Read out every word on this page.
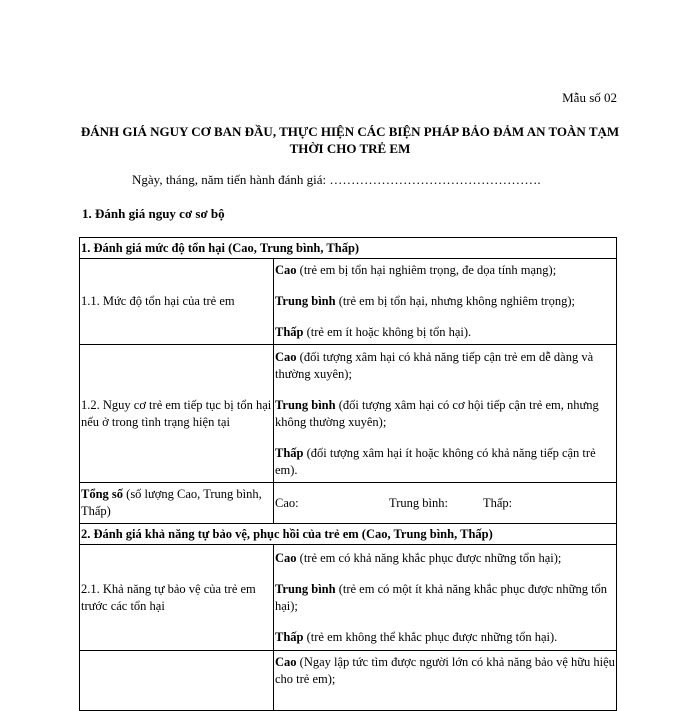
Mẫu số 02
ĐÁNH GIÁ NGUY CƠ BAN ĐẦU, THỰC HIỆN CÁC BIỆN PHÁP BẢO ĐẢM AN TOÀN TẠM THỜI CHO TRẺ EM
Ngày, tháng, năm tiến hành đánh giá: ………………………………………….
1. Đánh giá nguy cơ sơ bộ
1. Đánh giá mức độ tổn hại (Cao, Trung bình, Thấp)	
1.1. Mức độ tổn hại của trẻ em	Cao (trẻ em bị tổn hại nghiêm trọng, đe dọa tính mạng);
Trung bình (trẻ em bị tổn hại, nhưng không nghiêm trọng);
Thấp (trẻ em ít hoặc không bị tổn hại).

1.2. Nguy cơ trẻ em tiếp tục bị tổn hại nếu ở trong tình trạng hiện tại	Cao (đối tượng xâm hại có khả năng tiếp cận trẻ em dễ dàng và thường xuyên);
Trung bình (đối tượng xâm hại có cơ hội tiếp cận trẻ em, nhưng không thường xuyên);
Thấp (đối tượng xâm hại ít hoặc không có khả năng tiếp cận trẻ em).

Tổng số (số lượng Cao, Trung bình, Thấp)	Cao: Trung bình: Thấp:

2. Đánh giá khả năng tự bảo vệ, phục hồi của trẻ em (Cao, Trung bình, Thấp)	
2.1. Khả năng tự bảo vệ của trẻ em trước các tổn hại	Cao (trẻ em có khả năng khắc phục được những tổn hại);
Trung bình (trẻ em có một ít khả năng khắc phục được những tổn hại);
Thấp (trẻ em không thể khắc phục được những tổn hại).

	Cao (Ngay lập tức tìm được người lớn có khả năng bảo vệ hữu hiệu cho trẻ em);
